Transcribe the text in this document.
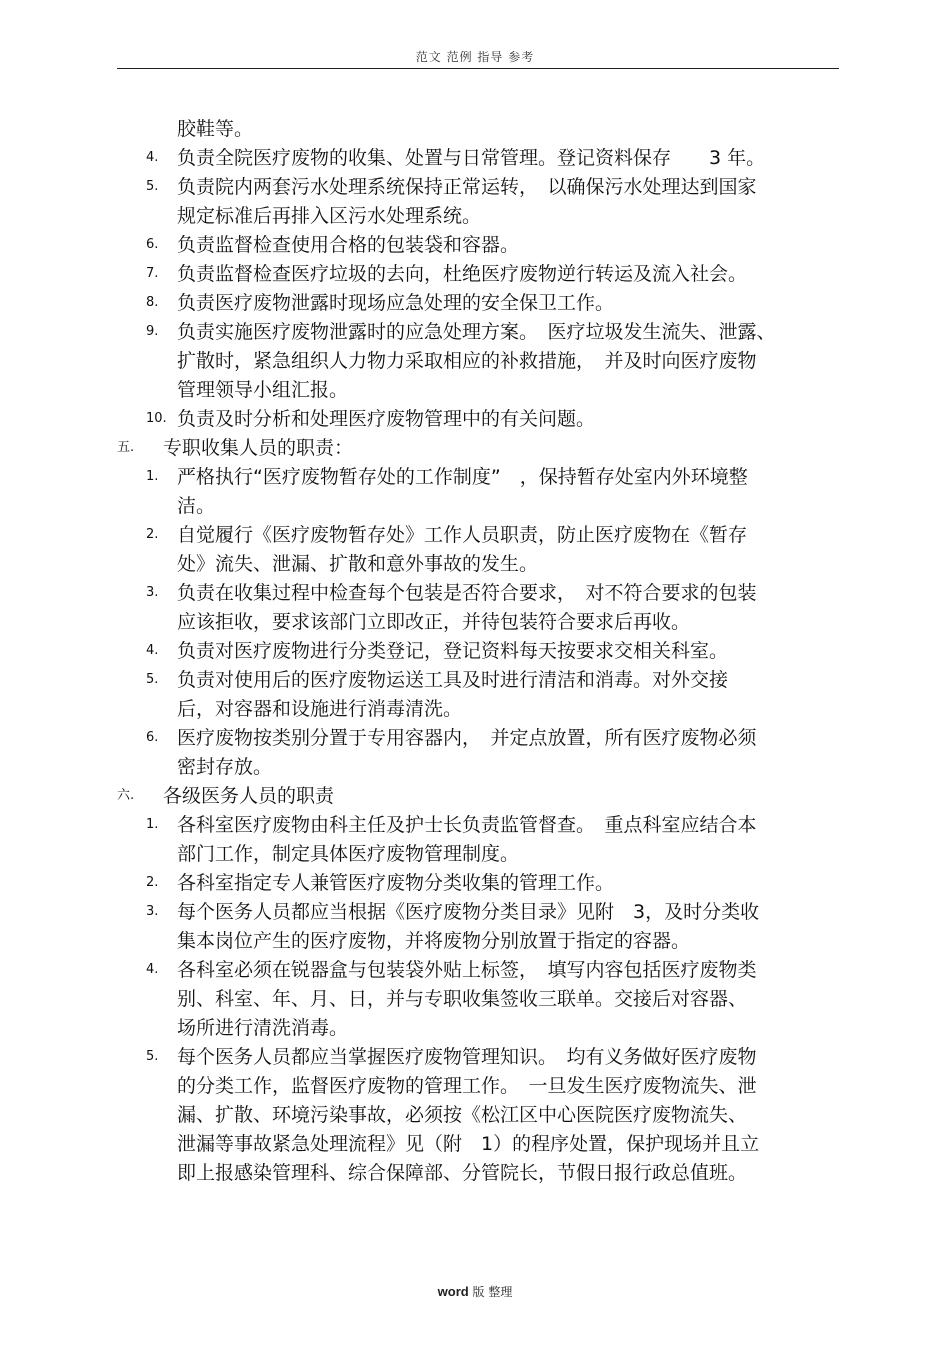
范文 范例 指导 参考
胶鞋等。
4. 负责全院医疗废物的收集、处置与日常管理。登记资料保存　　3 年。
5. 负责院内两套污水处理系统保持正常运转，　以确保污水处理达到国家
规定标准后再排入区污水处理系统。
6. 负责监督检查使用合格的包装袋和容器。
7. 负责监督检查医疗垃圾的去向，杜绝医疗废物逆行转运及流入社会。
8. 负责医疗废物泄露时现场应急处理的安全保卫工作。
9. 负责实施医疗废物泄露时的应急处理方案。　医疗垃圾发生流失、泄露、
扩散时，紧急组织人力物力采取相应的补救措施，　并及时向医疗废物
管理领导小组汇报。
10. 负责及时分析和处理医疗废物管理中的有关问题。
五.	专职收集人员的职责：
1. 严格执行“医疗废物暂存处的工作制度”　，保持暂存处室内外环境整
洁。
2. 自觉履行《医疗废物暂存处》工作人员职责，防止医疗废物在《暂存
处》流失、泄漏、扩散和意外事故的发生。
3. 负责在收集过程中检查每个包装是否符合要求，　对不符合要求的包装
应该拒收，要求该部门立即改正，并待包装符合要求后再收。
4. 负责对医疗废物进行分类登记，登记资料每天按要求交相关科室。
5. 负责对使用后的医疗废物运送工具及时进行清洁和消毒。对外交接
后，对容器和设施进行消毒清洗。
6. 医疗废物按类别分置于专用容器内，　并定点放置，所有医疗废物必须
密封存放。
六.	各级医务人员的职责
1. 各科室医疗废物由科主任及护士长负责监管督查。　重点科室应结合本
部门工作，制定具体医疗废物管理制度。
2. 各科室指定专人兼管医疗废物分类收集的管理工作。
3. 每个医务人员都应当根据《医疗废物分类目录》见附　3，及时分类收
集本岗位产生的医疗废物，并将废物分别放置于指定的容器。
4. 各科室必须在锐器盒与包装袋外贴上标签，　填写内容包括医疗废物类
别、科室、年、月、日，并与专职收集签收三联单。交接后对容器、
场所进行清洗消毒。
5. 每个医务人员都应当掌握医疗废物管理知识。　均有义务做好医疗废物
的分类工作，监督医疗废物的管理工作。　一旦发生医疗废物流失、泄
漏、扩散、环境污染事故，必须按《松江区中心医院医疗废物流失、
泄漏等事故紧急处理流程》见（附　1）的程序处置，保护现场并且立
即上报感染管理科、综合保障部、分管院长，节假日报行政总值班。
word 版 整理
